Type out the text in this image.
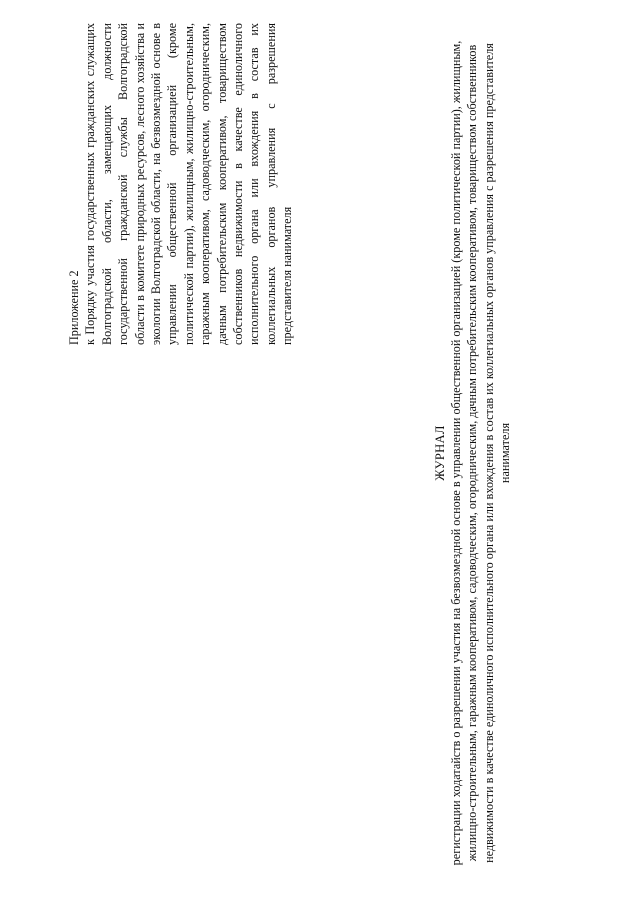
Приложение 2 к Порядку участия государственных гражданских служащих Волгоградской области, замещающих должности государственной гражданской службы Волгоградской области в комитете природных ресурсов, лесного хозяйства и экологии Волгоградской области, на безвозмездной основе в управлении общественной организацией (кроме политической партии), жилищным, жилищно-строительным, гаражным кооперативом, садоводческим, огородническим, дачным потребительским кооперативом, товариществом собственников недвижимости в качестве единоличного исполнительного органа или вхождения в состав их коллегиальных органов управления с разрешения представителя нанимателя
ЖУРНАЛ регистрации ходатайств о разрешении участия на безвозмездной основе в управлении общественной организацией (кроме политической партии), жилищным, жилищно-строительным, гаражным кооперативом, садоводческим, огородническим, дачным потребительским кооперативом, товариществом собственников недвижимости в качестве единоличного исполнительного органа или вхождения в состав их коллегиальных органов управления с разрешения представителя нанимателя
